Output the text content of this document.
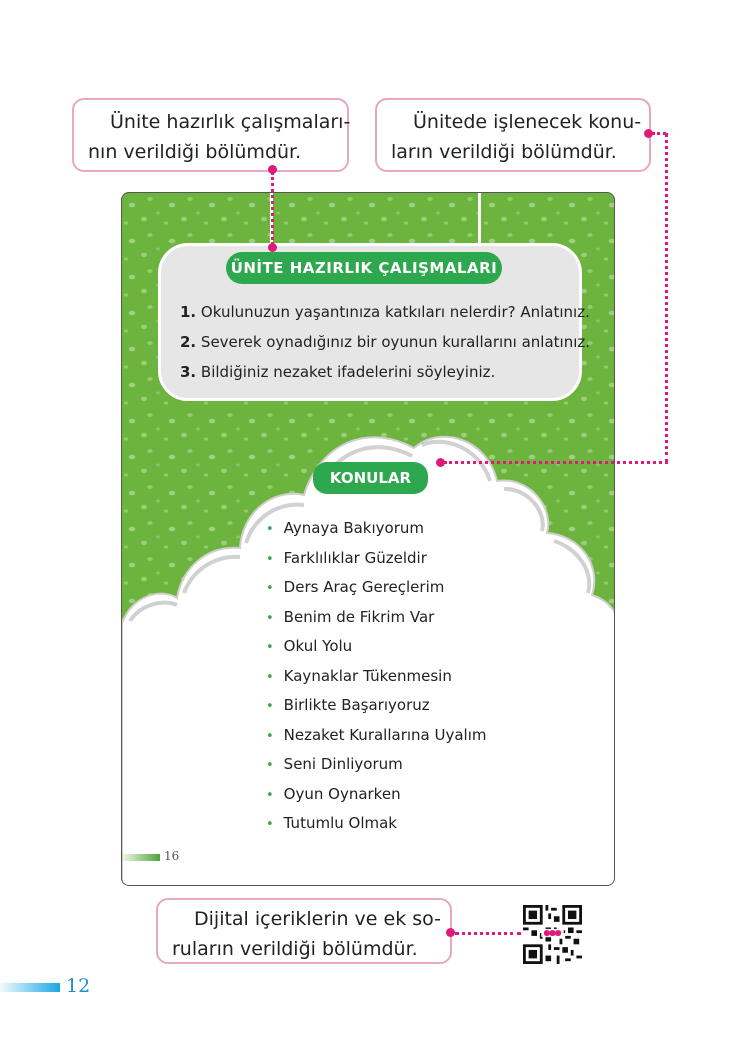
Ünite hazırlık çalışmaları-
nın verildiği bölümdür.
Ünitede işlenecek konu-
ların verildiği bölümdür.
ÜNİTE HAZIRLIK ÇALIŞMALARI
1. Okulunuzun yaşantınıza katkıları nelerdir? Anlatınız.
2. Severek oynadığınız bir oyunun kurallarını anlatınız.
3. Bildiğiniz nezaket ifadelerini söyleyiniz.
KONULAR
• Aynaya Bakıyorum
• Farklılıklar Güzeldir
• Ders Araç Gereçlerim
• Benim de Fikrim Var
• Okul Yolu
• Kaynaklar Tükenmesin
• Birlikte Başarıyoruz
• Nezaket Kurallarına Uyalım
• Seni Dinliyorum
• Oyun Oynarken
• Tutumlu Olmak
16
Dijital içeriklerin ve ek so-
ruların verildiği bölümdür.
12
